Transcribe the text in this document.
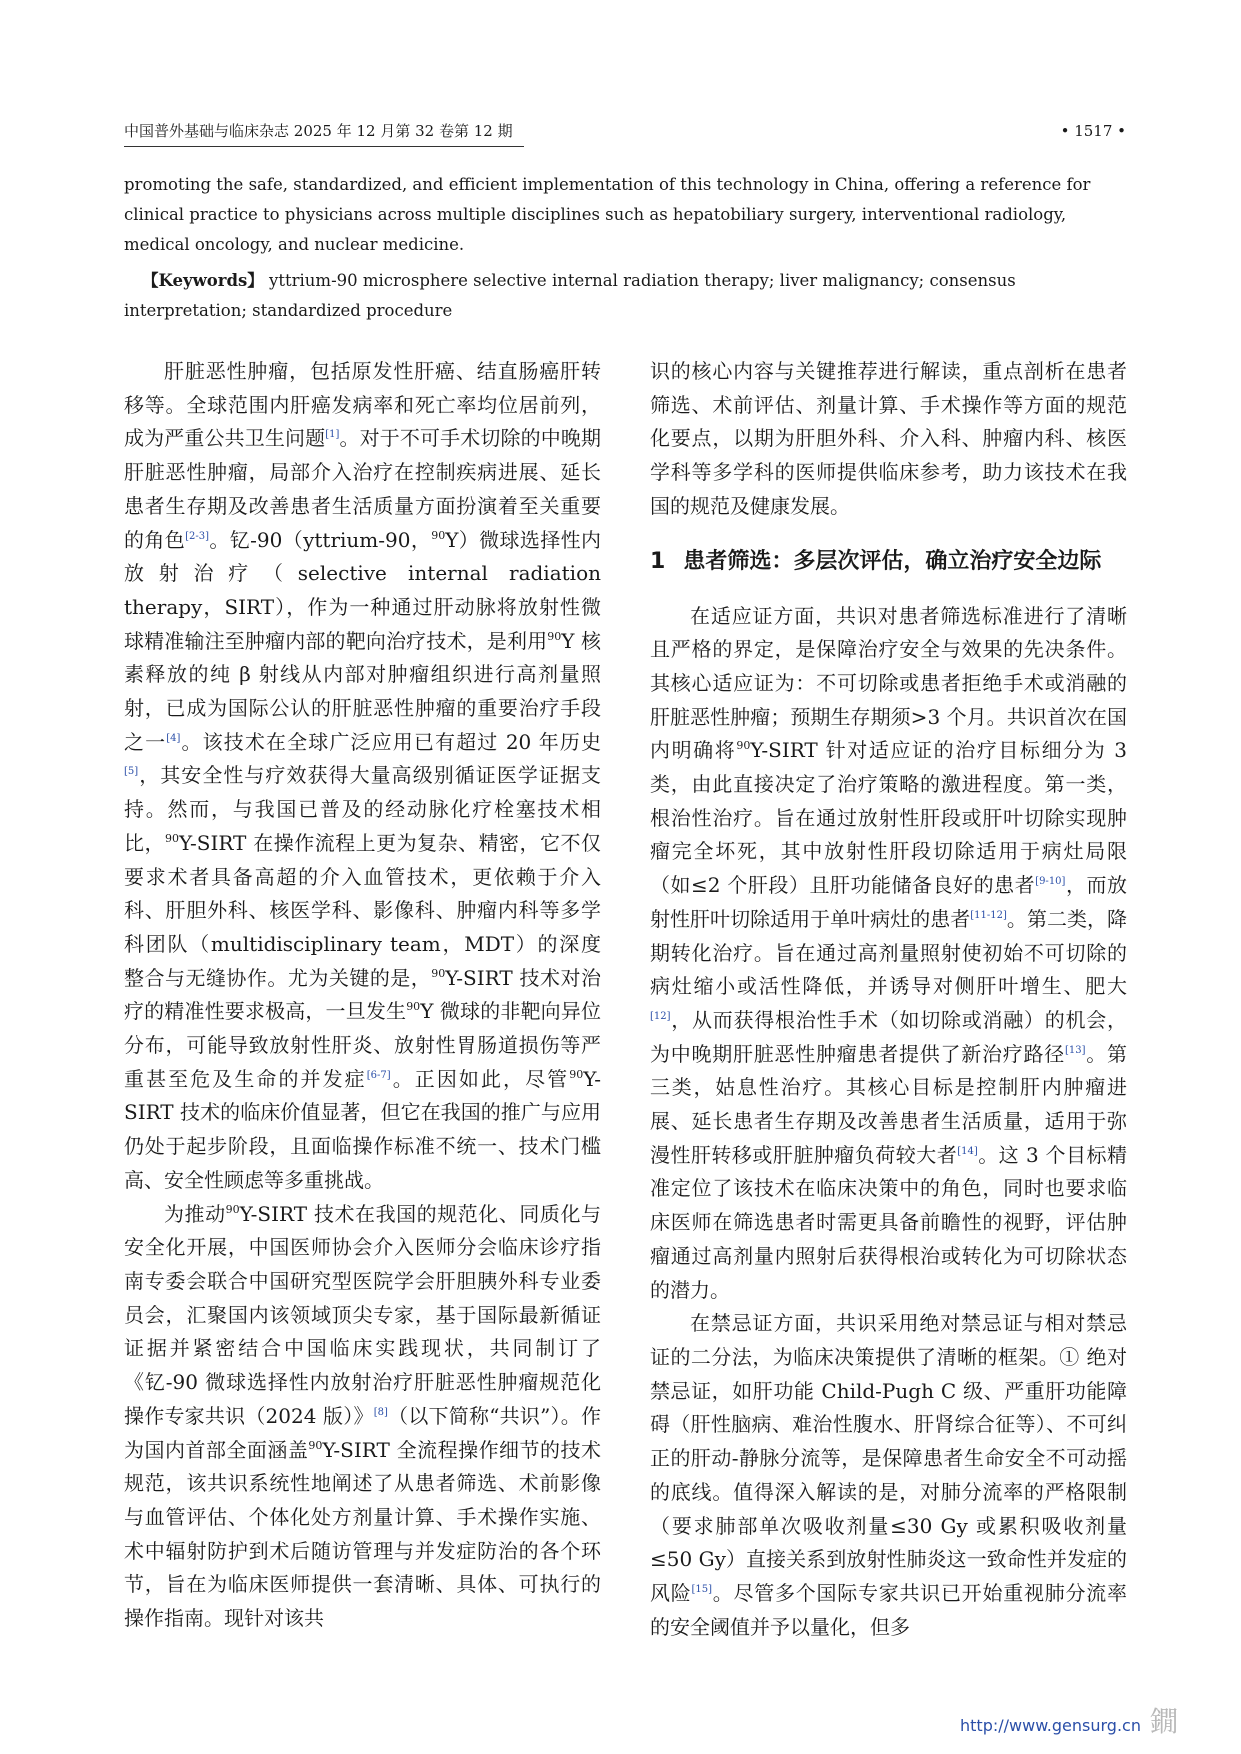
中国普外基础与临床杂志 2025 年 12 月第 32 卷第 12 期	• 1517 •

promoting the safe, standardized, and efficient implementation of this technology in China, offering a reference for clinical practice to physicians across multiple disciplines such as hepatobiliary surgery, interventional radiology, medical oncology, and nuclear medicine.

【Keywords】 yttrium-90 microsphere selective internal radiation therapy; liver malignancy; consensus interpretation; standardized procedure

肝脏恶性肿瘤，包括原发性肝癌、结直肠癌肝转移等。全球范围内肝癌发病率和死亡率均位居前列，成为严重公共卫生问题[1]。对于不可手术切除的中晚期肝脏恶性肿瘤，局部介入治疗在控制疾病进展、延长患者生存期及改善患者生活质量方面扮演着至关重要的角色[2-3]。钇-90（yttrium-90，$^{90}$Y）微球选择性内放射治疗（selective internal radiation therapy，SIRT），作为一种通过肝动脉将放射性微球精准输注至肿瘤内部的靶向治疗技术，是利用$^{90}$Y 核素释放的纯 β 射线从内部对肿瘤组织进行高剂量照射，已成为国际公认的肝脏恶性肿瘤的重要治疗手段之一[4]。该技术在全球广泛应用已有超过 20 年历史[5]，其安全性与疗效获得大量高级别循证医学证据支持。然而，与我国已普及的经动脉化疗栓塞技术相比，$^{90}$Y-SIRT 在操作流程上更为复杂、精密，它不仅要求术者具备高超的介入血管技术，更依赖于介入科、肝胆外科、核医学科、影像科、肿瘤内科等多学科团队（multidisciplinary team，MDT）的深度整合与无缝协作。尤为关键的是，$^{90}$Y-SIRT 技术对治疗的精准性要求极高，一旦发生$^{90}$Y 微球的非靶向异位分布，可能导致放射性肝炎、放射性胃肠道损伤等严重甚至危及生命的并发症[6-7]。正因如此，尽管$^{90}$Y-SIRT 技术的临床价值显著，但它在我国的推广与应用仍处于起步阶段，且面临操作标准不统一、技术门槛高、安全性顾虑等多重挑战。

为推动$^{90}$Y-SIRT 技术在我国的规范化、同质化与安全化开展，中国医师协会介入医师分会临床诊疗指南专委会联合中国研究型医院学会肝胆胰外科专业委员会，汇聚国内该领域顶尖专家，基于国际最新循证证据并紧密结合中国临床实践现状，共同制订了《钇-90 微球选择性内放射治疗肝脏恶性肿瘤规范化操作专家共识（2024 版）》[8]（以下简称“共识”）。作为国内首部全面涵盖$^{90}$Y-SIRT 全流程操作细节的技术规范，该共识系统性地阐述了从患者筛选、术前影像与血管评估、个体化处方剂量计算、手术操作实施、术中辐射防护到术后随访管理与并发症防治的各个环节，旨在为临床医师提供一套清晰、具体、可执行的操作指南。现针对该共

识的核心内容与关键推荐进行解读，重点剖析在患者筛选、术前评估、剂量计算、手术操作等方面的规范化要点，以期为肝胆外科、介入科、肿瘤内科、核医学科等多学科的医师提供临床参考，助力该技术在我国的规范及健康发展。

1 患者筛选：多层次评估，确立治疗安全边际

在适应证方面，共识对患者筛选标准进行了清晰且严格的界定，是保障治疗安全与效果的先决条件。其核心适应证为：不可切除或患者拒绝手术或消融的肝脏恶性肿瘤；预期生存期须>3 个月。共识首次在国内明确将$^{90}$Y-SIRT 针对适应证的治疗目标细分为 3 类，由此直接决定了治疗策略的激进程度。第一类，根治性治疗。旨在通过放射性肝段或肝叶切除实现肿瘤完全坏死，其中放射性肝段切除适用于病灶局限（如≤2 个肝段）且肝功能储备良好的患者[9-10]，而放射性肝叶切除适用于单叶病灶的患者[11-12]。第二类，降期转化治疗。旨在通过高剂量照射使初始不可切除的病灶缩小或活性降低，并诱导对侧肝叶增生、肥大[12]，从而获得根治性手术（如切除或消融）的机会，为中晚期肝脏恶性肿瘤患者提供了新治疗路径[13]。第三类，姑息性治疗。其核心目标是控制肝内肿瘤进展、延长患者生存期及改善患者生活质量，适用于弥漫性肝转移或肝脏肿瘤负荷较大者[14]。这 3 个目标精准定位了该技术在临床决策中的角色，同时也要求临床医师在筛选患者时需更具备前瞻性的视野，评估肿瘤通过高剂量内照射后获得根治或转化为可切除状态的潜力。

在禁忌证方面，共识采用绝对禁忌证与相对禁忌证的二分法，为临床决策提供了清晰的框架。① 绝对禁忌证，如肝功能 Child-Pugh C 级、严重肝功能障碍（肝性脑病、难治性腹水、肝肾综合征等）、不可纠正的肝动-静脉分流等，是保障患者生命安全不可动摇的底线。值得深入解读的是，对肺分流率的严格限制（要求肺部单次吸收剂量≤30 Gy 或累积吸收剂量≤50 Gy）直接关系到放射性肺炎这一致命性并发症的风险[15]。尽管多个国际专家共识已开始重视肺分流率的安全阈值并予以量化，但多

http://www.gensurg.cn 鐗
